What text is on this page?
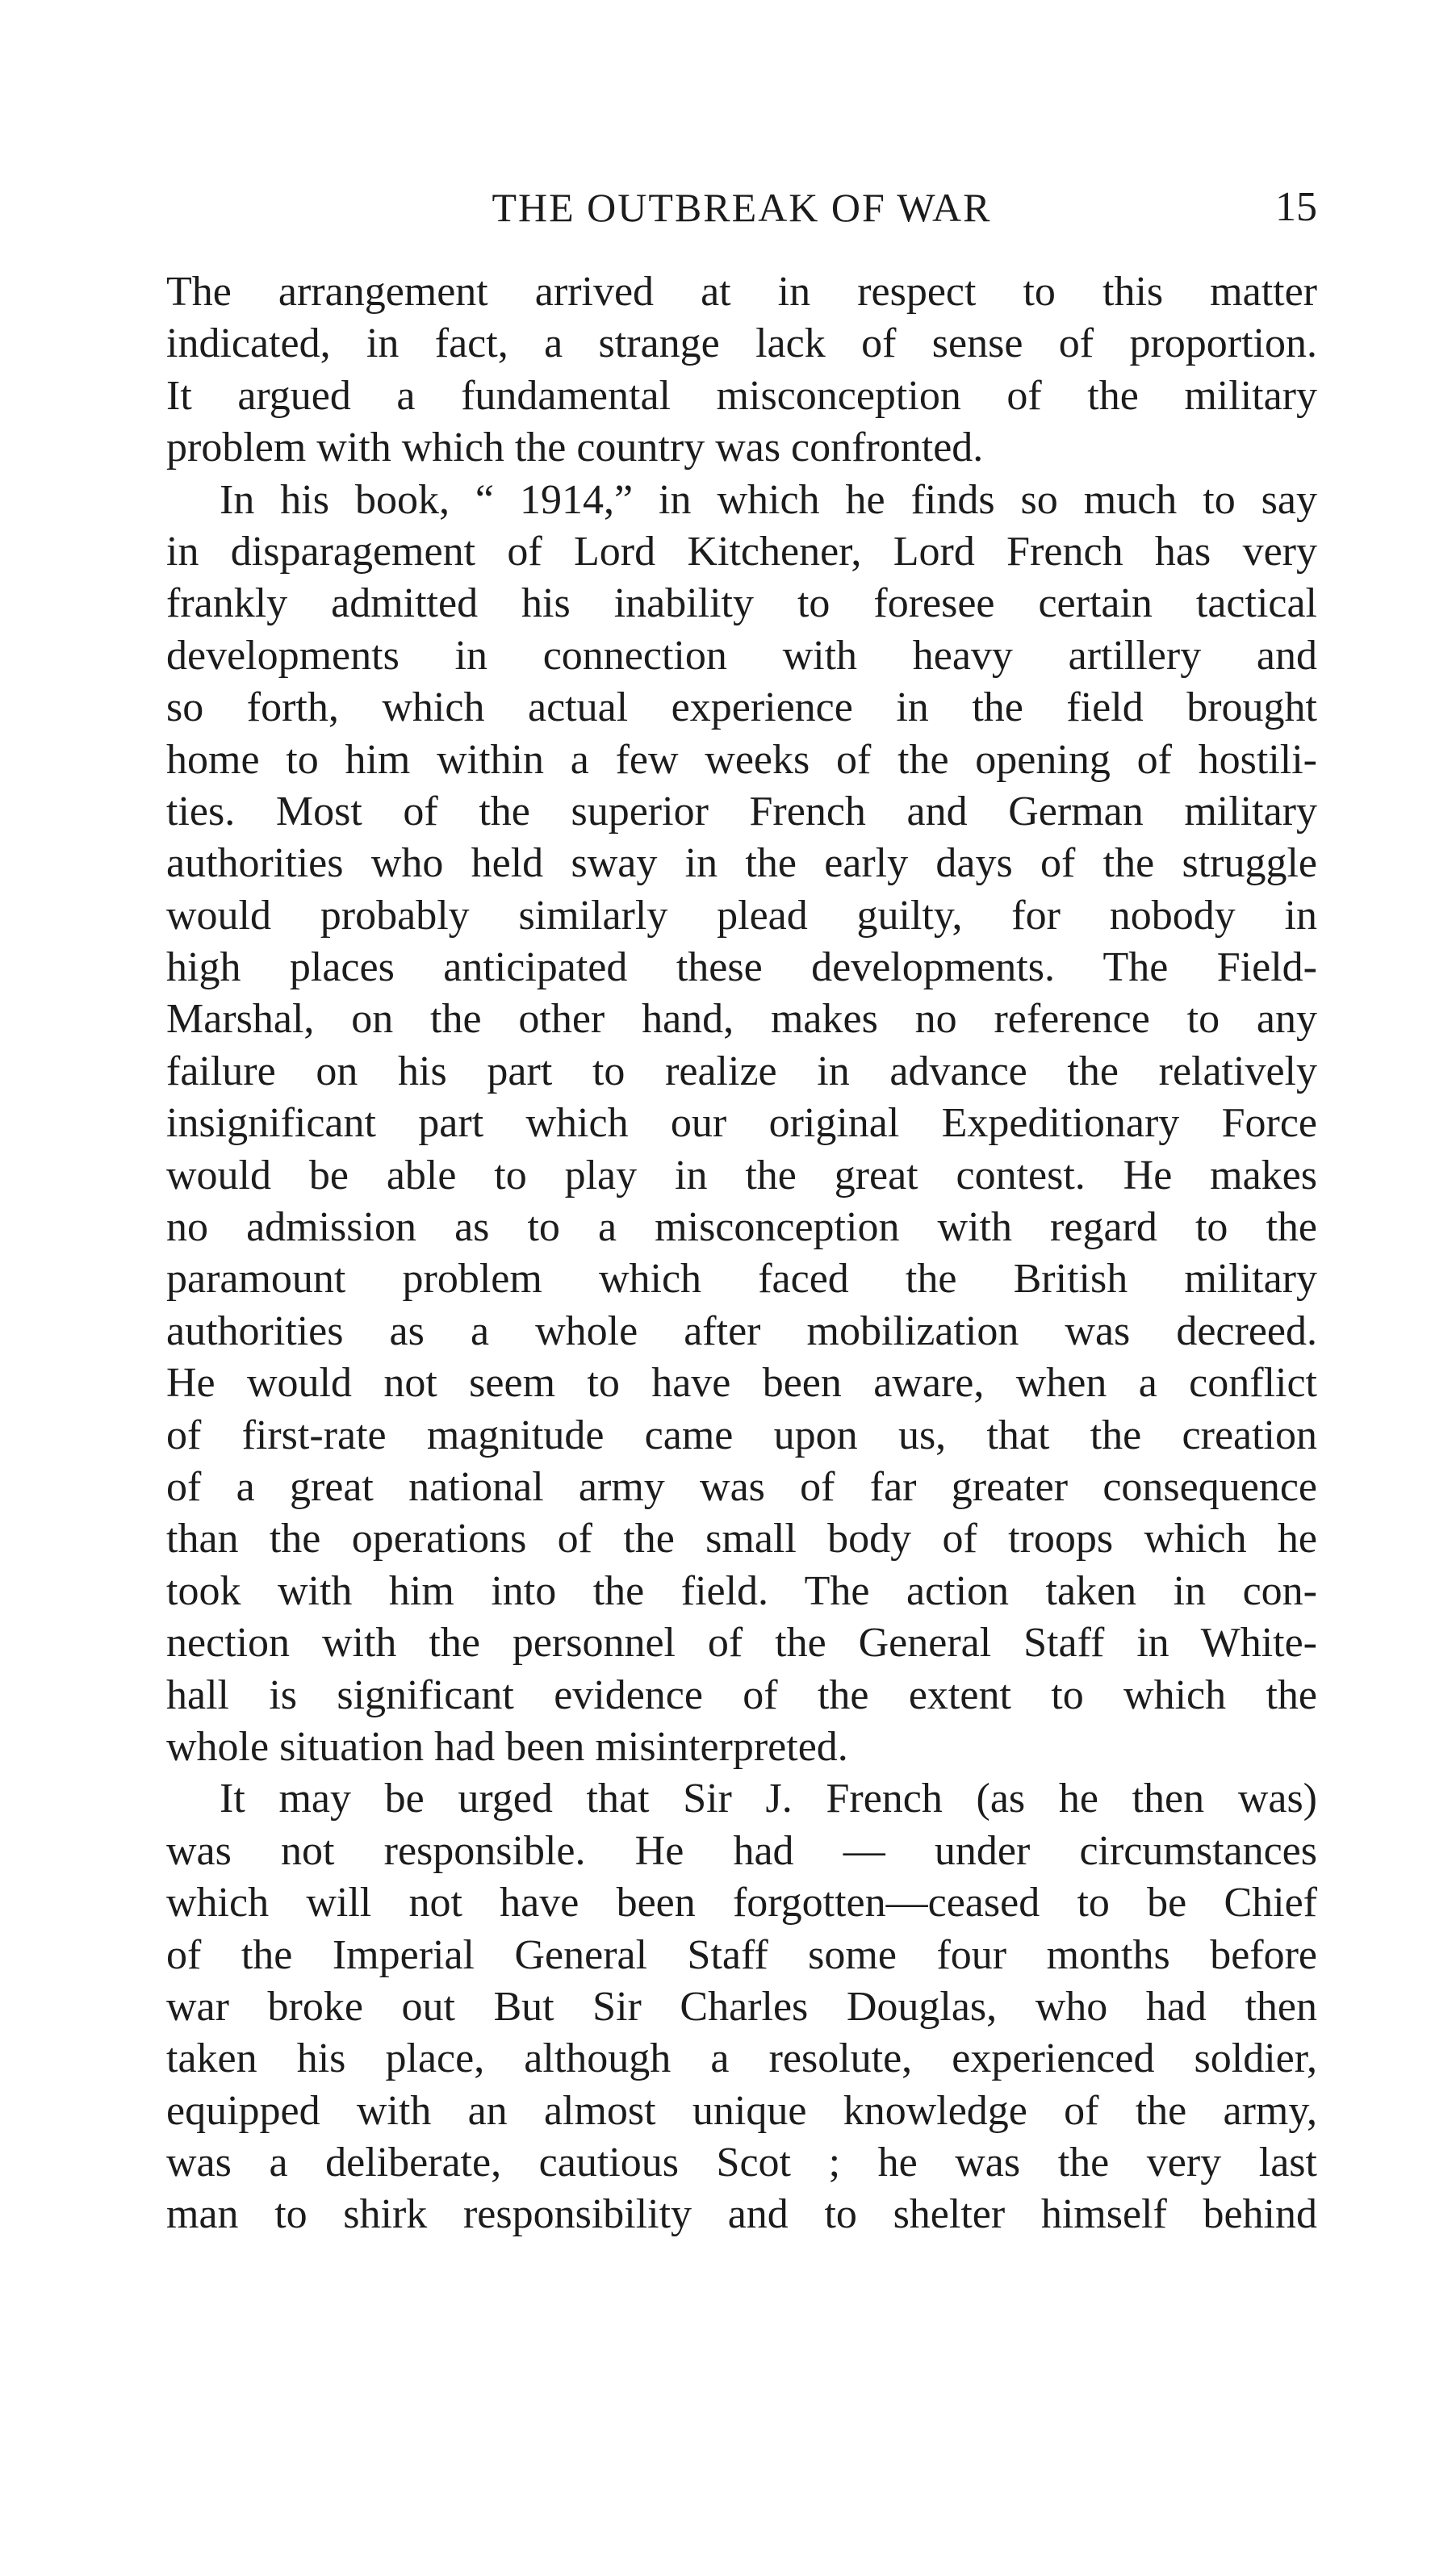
THE OUTBREAK OF WAR	15
The arrangement arrived at in respect to this matter
indicated, in fact, a strange lack of sense of proportion.
It argued a fundamental misconception of the military
problem with which the country was confronted.
In his book, “ 1914,” in which he finds so much to say
in disparagement of Lord Kitchener, Lord French has very
frankly admitted his inability to foresee certain tactical
developments in connection with heavy artillery and
so forth, which actual experience in the field brought
home to him within a few weeks of the opening of hostili-
ties. Most of the superior French and German military
authorities who held sway in the early days of the struggle
would probably similarly plead guilty, for nobody in
high places anticipated these developments. The Field-
Marshal, on the other hand, makes no reference to any
failure on his part to realize in advance the relatively
insignificant part which our original Expeditionary Force
would be able to play in the great contest. He makes
no admission as to a misconception with regard to the
paramount problem which faced the British military
authorities as a whole after mobilization was decreed.
He would not seem to have been aware, when a conflict
of first-rate magnitude came upon us, that the creation
of a great national army was of far greater consequence
than the operations of the small body of troops which he
took with him into the field. The action taken in con-
nection with the personnel of the General Staff in White-
hall is significant evidence of the extent to which the
whole situation had been misinterpreted.
It may be urged that Sir J. French (as he then was)
was not responsible. He had — under circumstances
which will not have been forgotten—ceased to be Chief
of the Imperial General Staff some four months before
war broke out But Sir Charles Douglas, who had then
taken his place, although a resolute, experienced soldier,
equipped with an almost unique knowledge of the army,
was a deliberate, cautious Scot ; he was the very last
man to shirk responsibility and to shelter himself behind
